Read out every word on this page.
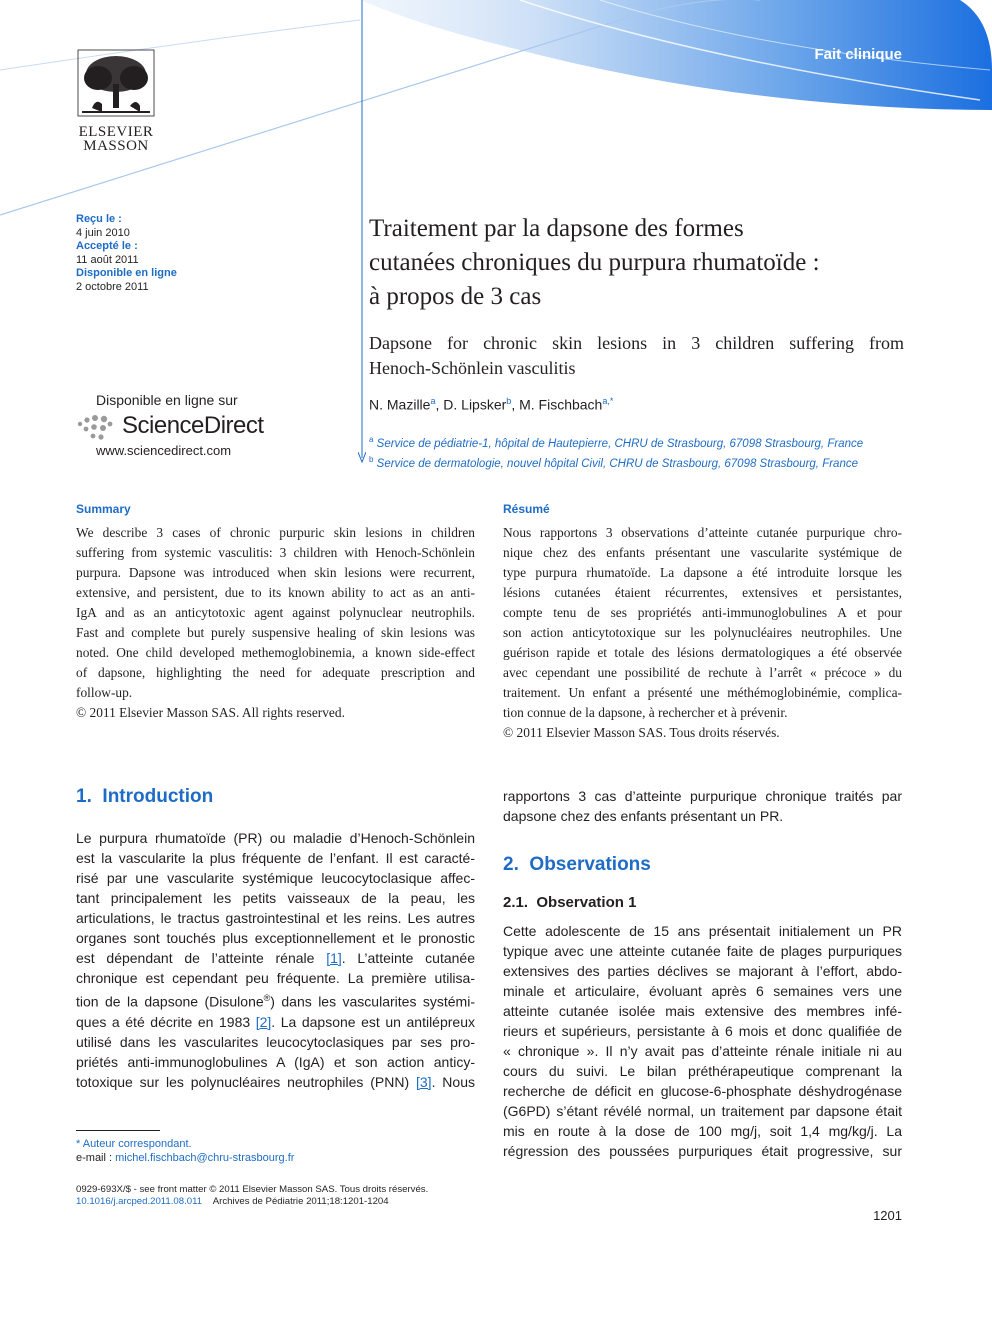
Fait clinique
ELSEVIER
MASSON
Reçu le :
4 juin 2010
Accepté le :
11 août 2011
Disponible en ligne
2 octobre 2011
Disponible en ligne sur
ScienceDirect
www.sciencedirect.com
Traitement par la dapsone des formes
cutanées chroniques du purpura rhumatoïde :
à propos de 3 cas
Dapsone for chronic skin lesions in 3 children suffering from
Henoch-Schönlein vasculitis
N. Mazille$^a$, D. Lipsker$^b$, M. Fischbach$^{a,*}$
$^a$ Service de pédiatrie-1, hôpital de Hautepierre, CHRU de Strasbourg, 67098 Strasbourg, France
$^b$ Service de dermatologie, nouvel hôpital Civil, CHRU de Strasbourg, 67098 Strasbourg, France
Summary
We describe 3 cases of chronic purpuric skin lesions in children
suffering from systemic vasculitis: 3 children with Henoch-Schönlein
purpura. Dapsone was introduced when skin lesions were recurrent,
extensive, and persistent, due to its known ability to act as an anti-
IgA and as an anticytotoxic agent against polynuclear neutrophils.
Fast and complete but purely suspensive healing of skin lesions was
noted. One child developed methemoglobinemia, a known side-effect
of dapsone, highlighting the need for adequate prescription and
follow-up.
© 2011 Elsevier Masson SAS. All rights reserved.
Résumé
Nous rapportons 3 observations d’atteinte cutanée purpurique chro-
nique chez des enfants présentant une vascularite systémique de
type purpura rhumatoïde. La dapsone a été introduite lorsque les
lésions cutanées étaient récurrentes, extensives et persistantes,
compte tenu de ses propriétés anti-immunoglobulines A et pour
son action anticytotoxique sur les polynucléaires neutrophiles. Une
guérison rapide et totale des lésions dermatologiques a été observée
avec cependant une possibilité de rechute à l’arrêt « précoce » du
traitement. Un enfant a présenté une méthémoglobinémie, complica-
tion connue de la dapsone, à rechercher et à prévenir.
© 2011 Elsevier Masson SAS. Tous droits réservés.
1. Introduction
Le purpura rhumatoïde (PR) ou maladie d’Henoch-Schönlein
est la vascularite la plus fréquente de l’enfant. Il est caracté-
risé par une vascularite systémique leucocytoclasique affec-
tant principalement les petits vaisseaux de la peau, les
articulations, le tractus gastrointestinal et les reins. Les autres
organes sont touchés plus exceptionnellement et le pronostic
est dépendant de l’atteinte rénale [1]. L’atteinte cutanée
chronique est cependant peu fréquente. La première utilisa-
tion de la dapsone (Disulone®) dans les vascularites systémi-
ques a été décrite en 1983 [2]. La dapsone est un antilépreux
utilisé dans les vascularites leucocytoclasiques par ses pro-
priétés anti-immunoglobulines A (IgA) et son action anticy-
totoxique sur les polynucléaires neutrophiles (PNN) [3]. Nous
rapportons 3 cas d’atteinte purpurique chronique traités par
dapsone chez des enfants présentant un PR.
2. Observations
2.1. Observation 1
Cette adolescente de 15 ans présentait initialement un PR
typique avec une atteinte cutanée faite de plages purpuriques
extensives des parties déclives se majorant à l’effort, abdo-
minale et articulaire, évoluant après 6 semaines vers une
atteinte cutanée isolée mais extensive des membres infé-
rieurs et supérieurs, persistante à 6 mois et donc qualifiée de
« chronique ». Il n’y avait pas d’atteinte rénale initiale ni au
cours du suivi. Le bilan préthérapeutique comprenant la
recherche de déficit en glucose-6-phosphate déshydrogénase
(G6PD) s’étant révélé normal, un traitement par dapsone était
mis en route à la dose de 100 mg/j, soit 1,4 mg/kg/j. La
régression des poussées purpuriques était progressive, sur
* Auteur correspondant.
e-mail : michel.fischbach@chru-strasbourg.fr
0929-693X/$ - see front matter © 2011 Elsevier Masson SAS. Tous droits réservés.
10.1016/j.arcped.2011.08.011 Archives de Pédiatrie 2011;18:1201-1204
1201
